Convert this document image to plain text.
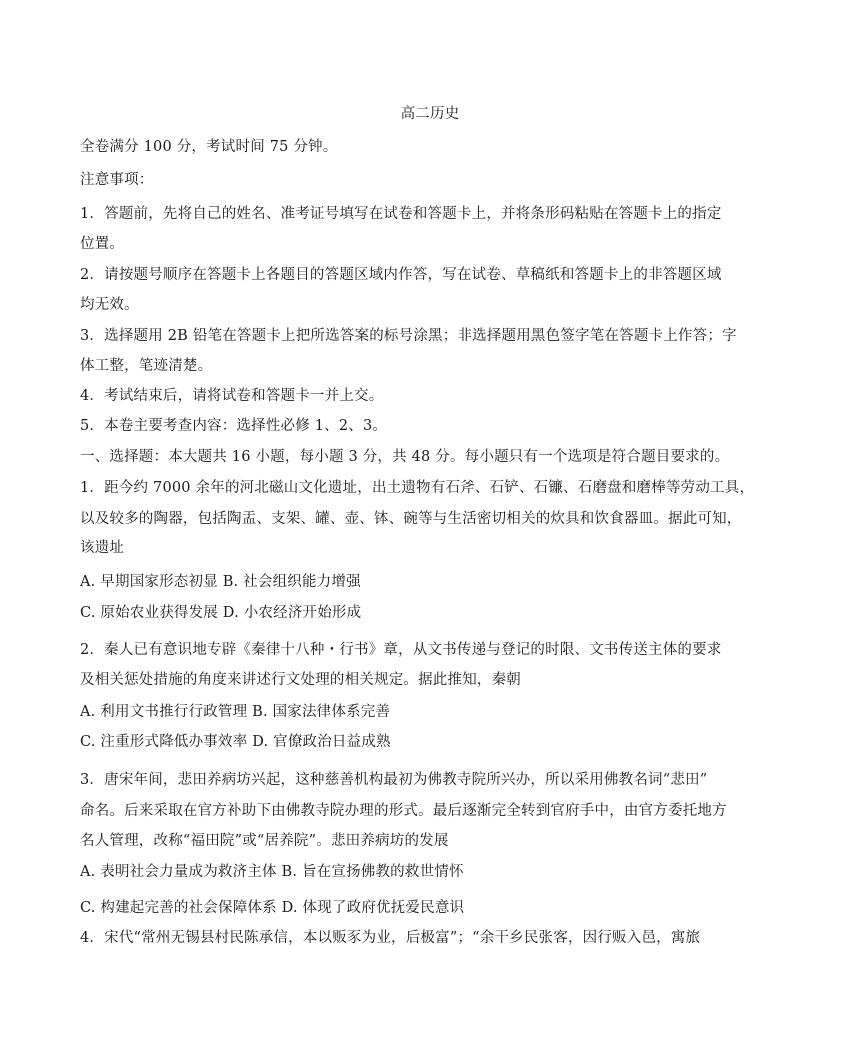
高二历史
全卷满分 100 分，考试时间 75 分钟。
注意事项：
1．答题前，先将自己的姓名、准考证号填写在试卷和答题卡上，并将条形码粘贴在答题卡上的指定
位置。
2．请按题号顺序在答题卡上各题目的答题区域内作答，写在试卷、草稿纸和答题卡上的非答题区域
均无效。
3．选择题用 2B 铅笔在答题卡上把所选答案的标号涂黑；非选择题用黑色签字笔在答题卡上作答；字
体工整，笔迹清楚。
4．考试结束后，请将试卷和答题卡一并上交。
5．本卷主要考查内容：选择性必修 1、2、3。
一、选择题：本大题共 16 小题，每小题 3 分，共 48 分。每小题只有一个选项是符合题目要求的。
1．距今约 7000 余年的河北磁山文化遗址，出土遗物有石斧、石铲、石镰、石磨盘和磨棒等劳动工具，
以及较多的陶器，包括陶盂、支架、罐、壶、钵、碗等与生活密切相关的炊具和饮食器皿。据此可知，
该遗址
A. 早期国家形态初显 B. 社会组织能力增强
C. 原始农业获得发展 D. 小农经济开始形成
2．秦人已有意识地专辟《秦律十八种・行书》章，从文书传递与登记的时限、文书传送主体的要求
及相关惩处措施的角度来讲述行文处理的相关规定。据此推知，秦朝
A. 利用文书推行行政管理 B. 国家法律体系完善
C. 注重形式降低办事效率 D. 官僚政治日益成熟
3．唐宋年间，悲田养病坊兴起，这种慈善机构最初为佛教寺院所兴办，所以采用佛教名词“悲田”
命名。后来采取在官方补助下由佛教寺院办理的形式。最后逐渐完全转到官府手中，由官方委托地方
名人管理，改称“福田院”或“居养院”。悲田养病坊的发展
A. 表明社会力量成为救济主体 B. 旨在宣扬佛教的救世情怀
C. 构建起完善的社会保障体系 D. 体现了政府优抚爱民意识
4．宋代“常州无锡县村民陈承信，本以贩豕为业，后极富”；“余干乡民张客，因行贩入邑，寓旅
